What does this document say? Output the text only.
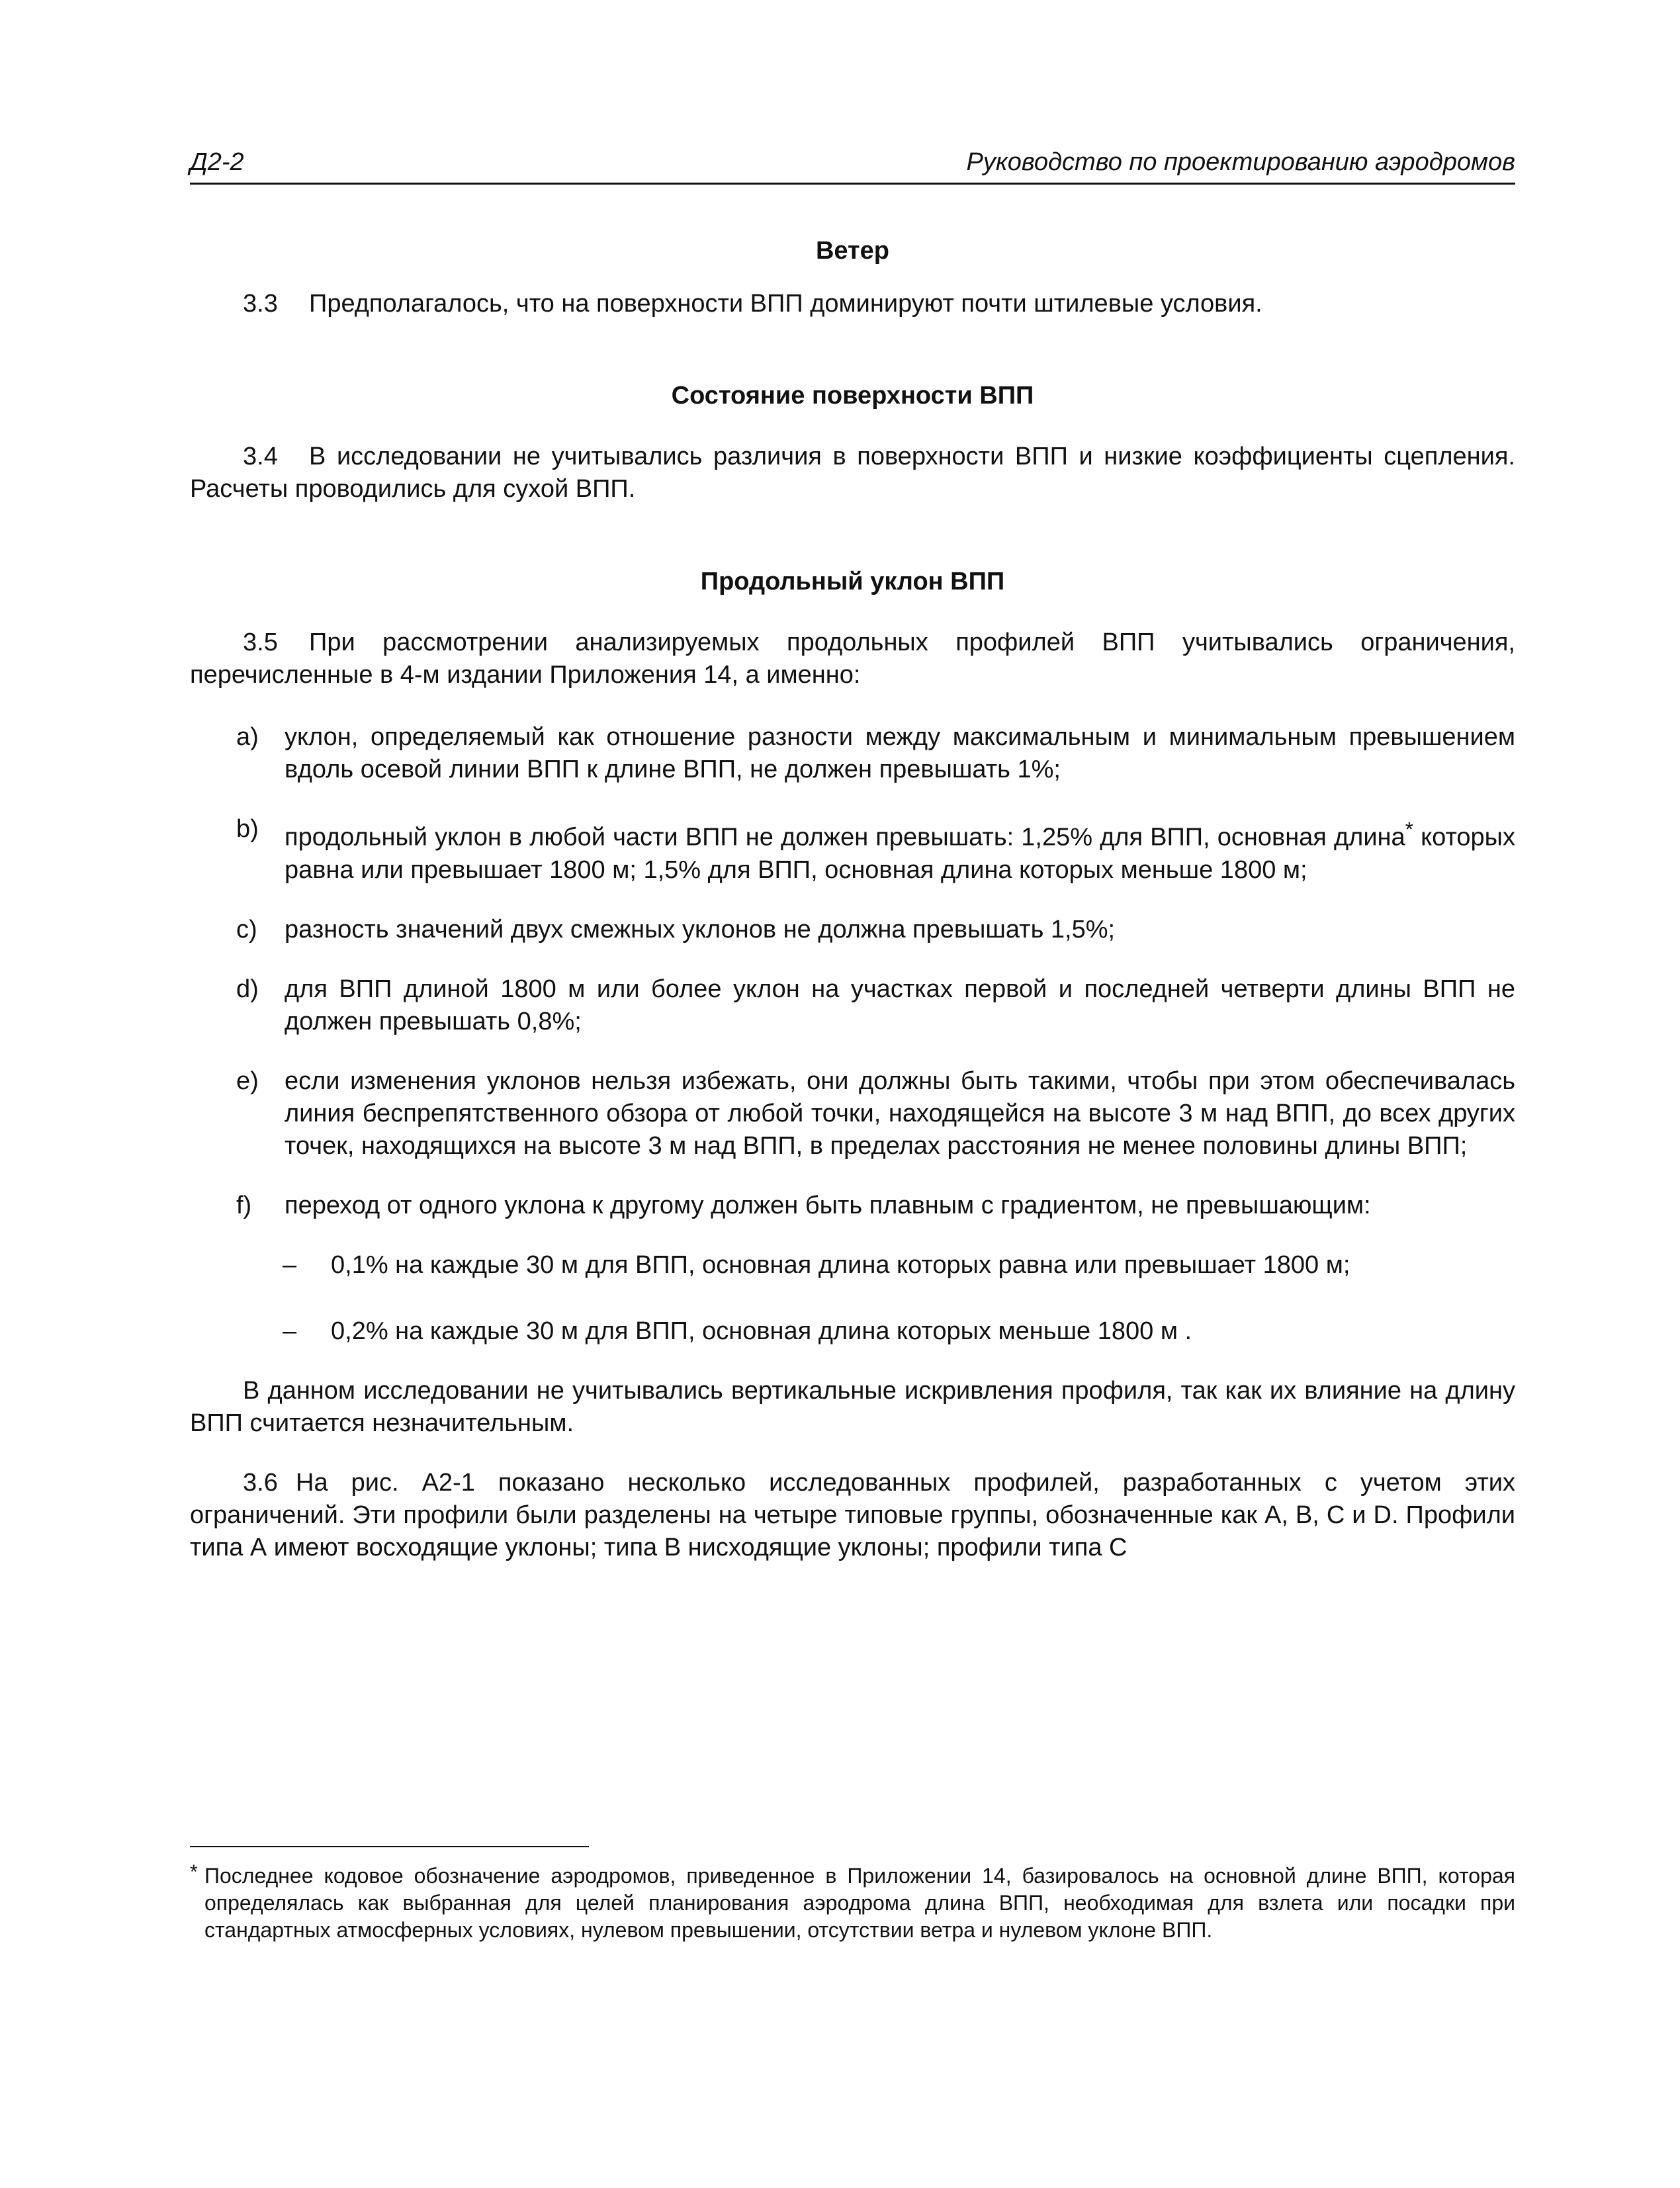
Д2-2	Руководство по проектированию аэродромов
Ветер
3.3 Предполагалось, что на поверхности ВПП доминируют почти штилевые условия.
Состояние поверхности ВПП
3.4 В исследовании не учитывались различия в поверхности ВПП и низкие коэффициенты сцепления. Расчеты проводились для сухой ВПП.
Продольный уклон ВПП
3.5 При рассмотрении анализируемых продольных профилей ВПП учитывались ограничения, перечисленные в 4-м издании Приложения 14, а именно:
a)	уклон, определяемый как отношение разности между максимальным и минимальным превышением вдоль осевой линии ВПП к длине ВПП, не должен превышать 1%;
b)	продольный уклон в любой части ВПП не должен превышать: 1,25% для ВПП, основная длина* которых равна или превышает 1800 м; 1,5% для ВПП, основная длина которых меньше 1800 м;
c)	разность значений двух смежных уклонов не должна превышать 1,5%;
d)	для ВПП длиной 1800 м или более уклон на участках первой и последней четверти длины ВПП не должен превышать 0,8%;
e)	если изменения уклонов нельзя избежать, они должны быть такими, чтобы при этом обеспечивалась линия беспрепятственного обзора от любой точки, находящейся на высоте 3 м над ВПП, до всех других точек, находящихся на высоте 3 м над ВПП, в пределах расстояния не менее половины длины ВПП;
f)	переход от одного уклона к другому должен быть плавным с градиентом, не превышающим:
–	0,1% на каждые 30 м для ВПП, основная длина которых равна или превышает 1800 м;
–	0,2% на каждые 30 м для ВПП, основная длина которых меньше 1800 м .
В данном исследовании не учитывались вертикальные искривления профиля, так как их влияние на длину ВПП считается незначительным.
3.6 На рис. А2-1 показано несколько исследованных профилей, разработанных с учетом этих ограничений. Эти профили были разделены на четыре типовые группы, обозначенные как А, В, С и D. Профили типа А имеют восходящие уклоны; типа В нисходящие уклоны; профили типа С
* Последнее кодовое обозначение аэродромов, приведенное в Приложении 14, базировалось на основной длине ВПП, которая определялась как выбранная для целей планирования аэродрома длина ВПП, необходимая для взлета или посадки при стандартных атмосферных условиях, нулевом превышении, отсутствии ветра и нулевом уклоне ВПП.
